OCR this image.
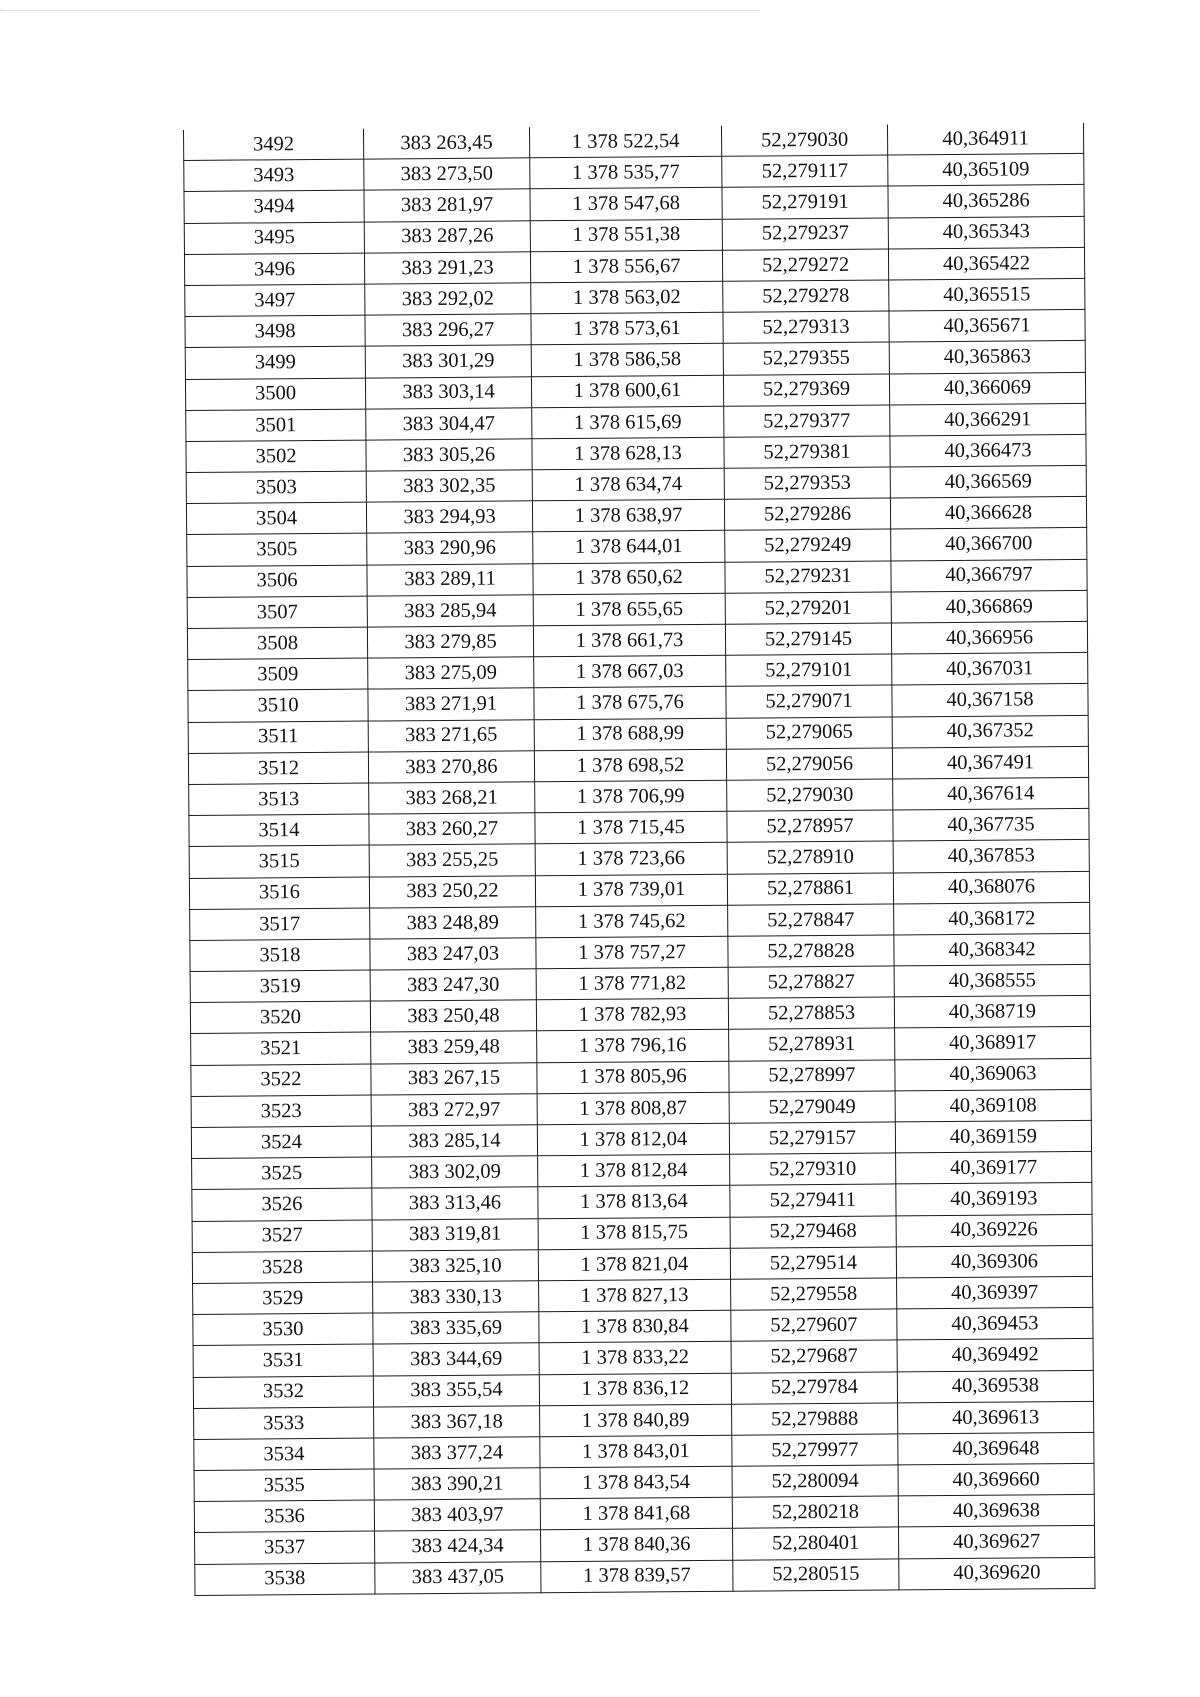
3492	383 263,45	1 378 522,54	52,279030	40,364911
3493	383 273,50	1 378 535,77	52,279117	40,365109
3494	383 281,97	1 378 547,68	52,279191	40,365286
3495	383 287,26	1 378 551,38	52,279237	40,365343
3496	383 291,23	1 378 556,67	52,279272	40,365422
3497	383 292,02	1 378 563,02	52,279278	40,365515
3498	383 296,27	1 378 573,61	52,279313	40,365671
3499	383 301,29	1 378 586,58	52,279355	40,365863
3500	383 303,14	1 378 600,61	52,279369	40,366069
3501	383 304,47	1 378 615,69	52,279377	40,366291
3502	383 305,26	1 378 628,13	52,279381	40,366473
3503	383 302,35	1 378 634,74	52,279353	40,366569
3504	383 294,93	1 378 638,97	52,279286	40,366628
3505	383 290,96	1 378 644,01	52,279249	40,366700
3506	383 289,11	1 378 650,62	52,279231	40,366797
3507	383 285,94	1 378 655,65	52,279201	40,366869
3508	383 279,85	1 378 661,73	52,279145	40,366956
3509	383 275,09	1 378 667,03	52,279101	40,367031
3510	383 271,91	1 378 675,76	52,279071	40,367158
3511	383 271,65	1 378 688,99	52,279065	40,367352
3512	383 270,86	1 378 698,52	52,279056	40,367491
3513	383 268,21	1 378 706,99	52,279030	40,367614
3514	383 260,27	1 378 715,45	52,278957	40,367735
3515	383 255,25	1 378 723,66	52,278910	40,367853
3516	383 250,22	1 378 739,01	52,278861	40,368076
3517	383 248,89	1 378 745,62	52,278847	40,368172
3518	383 247,03	1 378 757,27	52,278828	40,368342
3519	383 247,30	1 378 771,82	52,278827	40,368555
3520	383 250,48	1 378 782,93	52,278853	40,368719
3521	383 259,48	1 378 796,16	52,278931	40,368917
3522	383 267,15	1 378 805,96	52,278997	40,369063
3523	383 272,97	1 378 808,87	52,279049	40,369108
3524	383 285,14	1 378 812,04	52,279157	40,369159
3525	383 302,09	1 378 812,84	52,279310	40,369177
3526	383 313,46	1 378 813,64	52,279411	40,369193
3527	383 319,81	1 378 815,75	52,279468	40,369226
3528	383 325,10	1 378 821,04	52,279514	40,369306
3529	383 330,13	1 378 827,13	52,279558	40,369397
3530	383 335,69	1 378 830,84	52,279607	40,369453
3531	383 344,69	1 378 833,22	52,279687	40,369492
3532	383 355,54	1 378 836,12	52,279784	40,369538
3533	383 367,18	1 378 840,89	52,279888	40,369613
3534	383 377,24	1 378 843,01	52,279977	40,369648
3535	383 390,21	1 378 843,54	52,280094	40,369660
3536	383 403,97	1 378 841,68	52,280218	40,369638
3537	383 424,34	1 378 840,36	52,280401	40,369627
3538	383 437,05	1 378 839,57	52,280515	40,369620
